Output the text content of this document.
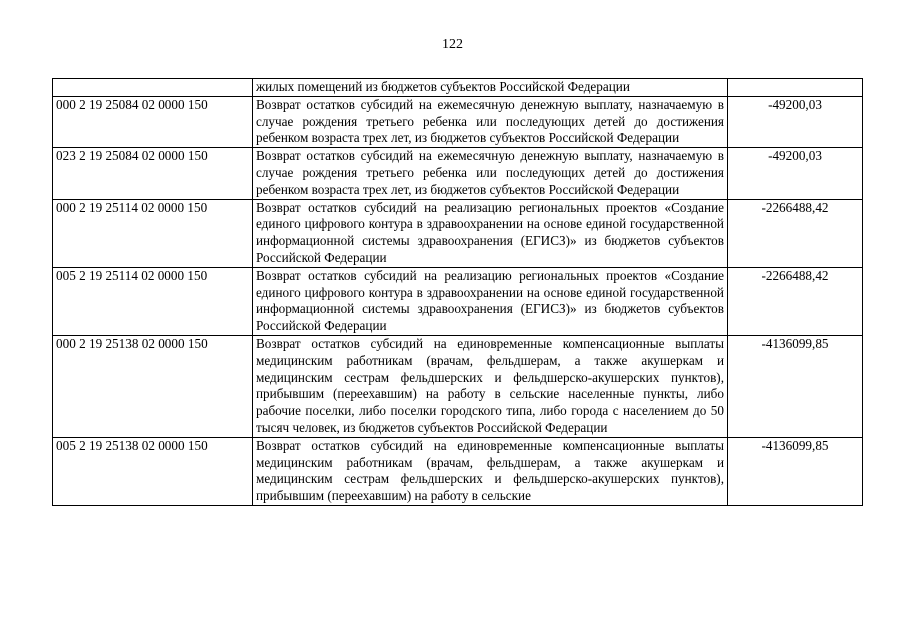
122
	жилых помещений из бюджетов субъектов Российской Федерации	
000 2 19 25084 02 0000 150	Возврат остатков субсидий на ежемесячную денежную выплату, назначаемую в случае рождения третьего ребенка или последующих детей до достижения ребенком возраста трех лет, из бюджетов субъектов Российской Федерации	-49200,03
023 2 19 25084 02 0000 150	Возврат остатков субсидий на ежемесячную денежную выплату, назначаемую в случае рождения третьего ребенка или последующих детей до достижения ребенком возраста трех лет, из бюджетов субъектов Российской Федерации	-49200,03
000 2 19 25114 02 0000 150	Возврат остатков субсидий на реализацию региональных проектов «Создание единого цифрового контура в здравоохранении на основе единой государственной информационной системы здравоохранения (ЕГИСЗ)» из бюджетов субъектов Российской Федерации	-2266488,42
005 2 19 25114 02 0000 150	Возврат остатков субсидий на реализацию региональных проектов «Создание единого цифрового контура в здравоохранении на основе единой государственной информационной системы здравоохранения (ЕГИСЗ)» из бюджетов субъектов Российской Федерации	-2266488,42
000 2 19 25138 02 0000 150	Возврат остатков субсидий на единовременные компенсационные выплаты медицинским работникам (врачам, фельдшерам, а также акушеркам и медицинским сестрам фельдшерских и фельдшерско-акушерских пунктов), прибывшим (переехавшим) на работу в сельские населенные пункты, либо рабочие поселки, либо поселки городского типа, либо города с населением до 50 тысяч человек, из бюджетов субъектов Российской Федерации	-4136099,85
005 2 19 25138 02 0000 150	Возврат остатков субсидий на единовременные компенсационные выплаты медицинским работникам (врачам, фельдшерам, а также акушеркам и медицинским сестрам фельдшерских и фельдшерско-акушерских пунктов), прибывшим (переехавшим) на работу в сельские	-4136099,85
